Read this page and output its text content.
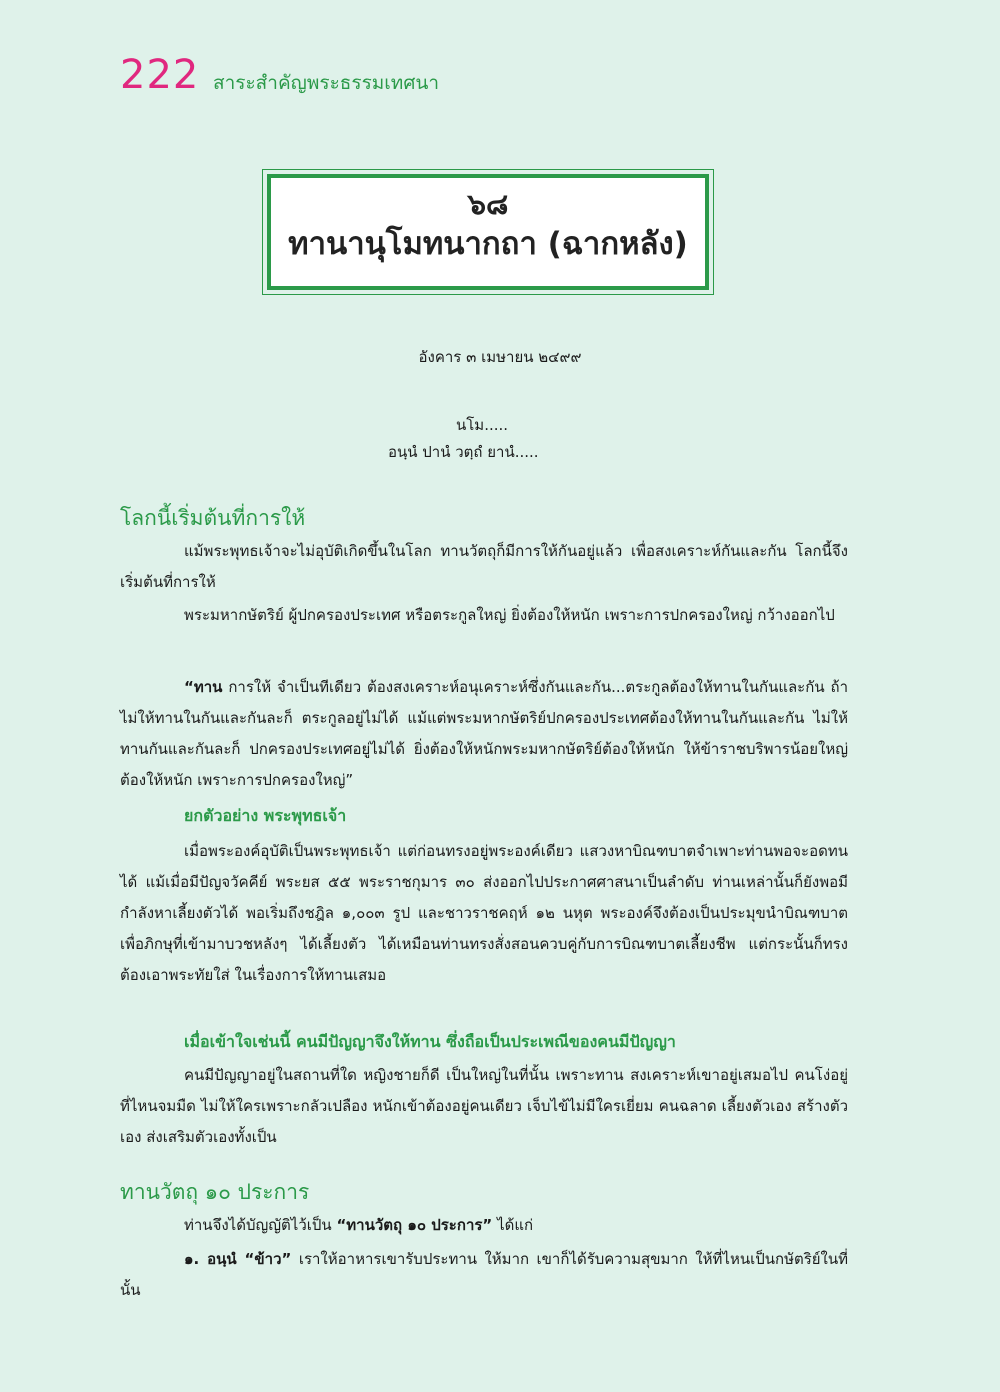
222 สาระสำคัญพระธรรมเทศนา
๖๘
ทานานุโมทนากถา (ฉากหลัง)
อังคาร ๓ เมษายน ๒๔๙๙
นโม.....
อนฺนํ ปานํ วตฺถํ ยานํ.....
โลกนี้เริ่มต้นที่การให้

แม้พระพุทธเจ้าจะไม่อุบัติเกิดขึ้นในโลก ทานวัตถุก็มีการให้กันอยู่แล้ว เพื่อสงเคราะห์กันและกัน โลกนี้จึงเริ่มต้นที่การให้

พระมหากษัตริย์ ผู้ปกครองประเทศ หรือตระกูลใหญ่ ยิ่งต้องให้หนัก เพราะการปกครองใหญ่ กว้างออกไป

“ทาน การให้ จำเป็นทีเดียว ต้องสงเคราะห์อนุเคราะห์ซึ่งกันและกัน...ตระกูลต้องให้ทานในกันและกัน ถ้าไม่ให้ทานในกันและกันละก็ ตระกูลอยู่ไม่ได้ แม้แต่พระมหากษัตริย์ปกครองประเทศต้องให้ทานในกันและกัน ไม่ให้ทานกันและกันละก็ ปกครองประเทศอยู่ไม่ได้ ยิ่งต้องให้หนักพระมหากษัตริย์ต้องให้หนัก ให้ข้าราชบริพารน้อยใหญ่ ต้องให้หนัก เพราะการปกครองใหญ่”

ยกตัวอย่าง พระพุทธเจ้า

เมื่อพระองค์อุบัติเป็นพระพุทธเจ้า แต่ก่อนทรงอยู่พระองค์เดียว แสวงหาบิณฑบาตจำเพาะท่านพอจะอดทนได้ แม้เมื่อมีปัญจวัคคีย์ พระยส ๕๕ พระราชกุมาร ๓๐ ส่งออกไปประกาศศาสนาเป็นลำดับ ท่านเหล่านั้นก็ยังพอมีกำลังหาเลี้ยงตัวได้ พอเริ่มถึงชฎิล ๑,๐๐๓ รูป และชาวราชคฤห์ ๑๒ นหุต พระองค์จึงต้องเป็นประมุขนำบิณฑบาต เพื่อภิกษุที่เข้ามาบวชหลังๆ ได้เลี้ยงตัว ได้เหมือนท่านทรงสั่งสอนควบคู่กับการบิณฑบาตเลี้ยงชีพ แต่กระนั้นก็ทรงต้องเอาพระทัยใส่ ในเรื่องการให้ทานเสมอ

เมื่อเข้าใจเช่นนี้ คนมีปัญญาจึงให้ทาน ซึ่งถือเป็นประเพณีของคนมีปัญญา

คนมีปัญญาอยู่ในสถานที่ใด หญิงชายก็ดี เป็นใหญ่ในที่นั้น เพราะทาน สงเคราะห์เขาอยู่เสมอไป คนโง่อยู่ที่ไหนจมมืด ไม่ให้ใครเพราะกลัวเปลือง หนักเข้าต้องอยู่คนเดียว เจ็บไข้ไม่มีใครเยี่ยม คนฉลาด เลี้ยงตัวเอง สร้างตัวเอง ส่งเสริมตัวเองทั้งเป็น

ทานวัตถุ ๑๐ ประการ

ท่านจึงได้บัญญัติไว้เป็น “ทานวัตถุ ๑๐ ประการ” ได้แก่

๑. อนฺนํ “ข้าว” เราให้อาหารเขารับประทาน ให้มาก เขาก็ได้รับความสุขมาก ให้ที่ไหนเป็นกษัตริย์ในที่นั้น
